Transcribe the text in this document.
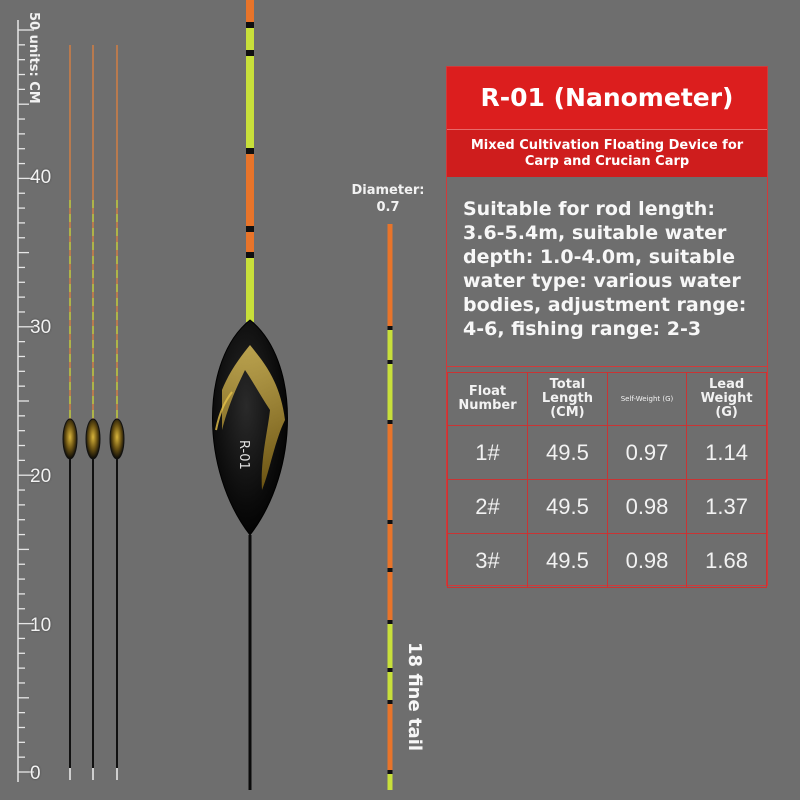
50 units: CM
40
30
20
10
0
R-01
Diameter:
0.7
18 fine tail
R-01 (Nanometer)
Mixed Cultivation Floating Device for Carp and Crucian Carp
Suitable for rod length: 3.6-5.4m, suitable water depth: 1.0-4.0m, suitable water type: various water bodies, adjustment range: 4-6, fishing range: 2-3
Float Number	Total Length (CM)	Self-Weight (G)	Lead Weight (G)
1#	49.5	0.97	1.14
2#	49.5	0.98	1.37
3#	49.5	0.98	1.68
